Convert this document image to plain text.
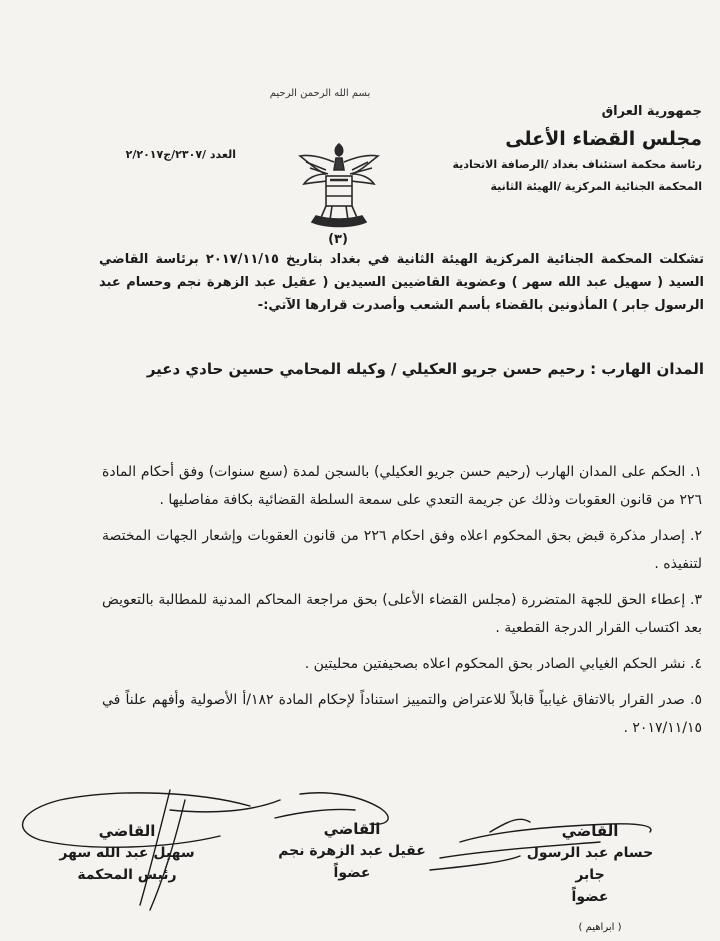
بسم الله الرحمن الرحيم
جمهورية العراق
مجلس القضاء الأعلى
رئاسة محكمة استئناف بغداد /الرصافة الاتحادية
المحكمة الجنائية المركزية /الهيئة الثانية
العدد /٢٣٠٧/ج٢/٢٠١٧
(٣)
تشكلت المحكمة الجنائية المركزية الهيئة الثانية في بغداد بتاريخ ٢٠١٧/١١/١٥ برئاسة القاضي السيد ( سهيل عبد الله سهر ) وعضوية القاضيين السيدين ( عقيل عبد الزهرة نجم وحسام عبد الرسول جابر ) المأذونين بالقضاء بأسم الشعب وأصدرت قرارها الآتي:-
المدان الهارب : رحيم حسن جريو العكيلي / وكيله المحامي حسين حادي دعير
١. الحكم على المدان الهارب (رحيم حسن جريو العكيلي) بالسجن لمدة (سبع سنوات) وفق أحكام المادة ٢٢٦ من قانون العقوبات وذلك عن جريمة التعدي على سمعة السلطة القضائية بكافة مفاصليها .
٢. إصدار مذكرة قبض بحق المحكوم اعلاه وفق احكام ٢٢٦ من قانون العقوبات وإشعار الجهات المختصة لتنفيذه .
٣. إعطاء الحق للجهة المتضررة (مجلس القضاء الأعلى) بحق مراجعة المحاكم المدنية للمطالبة بالتعويض بعد اكتساب القرار الدرجة القطعية .
٤. نشر الحكم الغيابي الصادر بحق المحكوم اعلاه بصحيفتين محليتين .
٥. صدر القرار بالاتفاق غيابياً قابلاً للاعتراض والتمييز استناداً لإحكام المادة ١٨٢/أ الأصولية وأفهم علناً في ٢٠١٧/١١/١٥ .
القاضي
حسام عبد الرسول جابر
عضواً
القاضي
عقيل عبد الزهرة نجم
عضواً
القاضي
سهيل عبد الله سهر
رئيس المحكمة
( ابراهيم )
